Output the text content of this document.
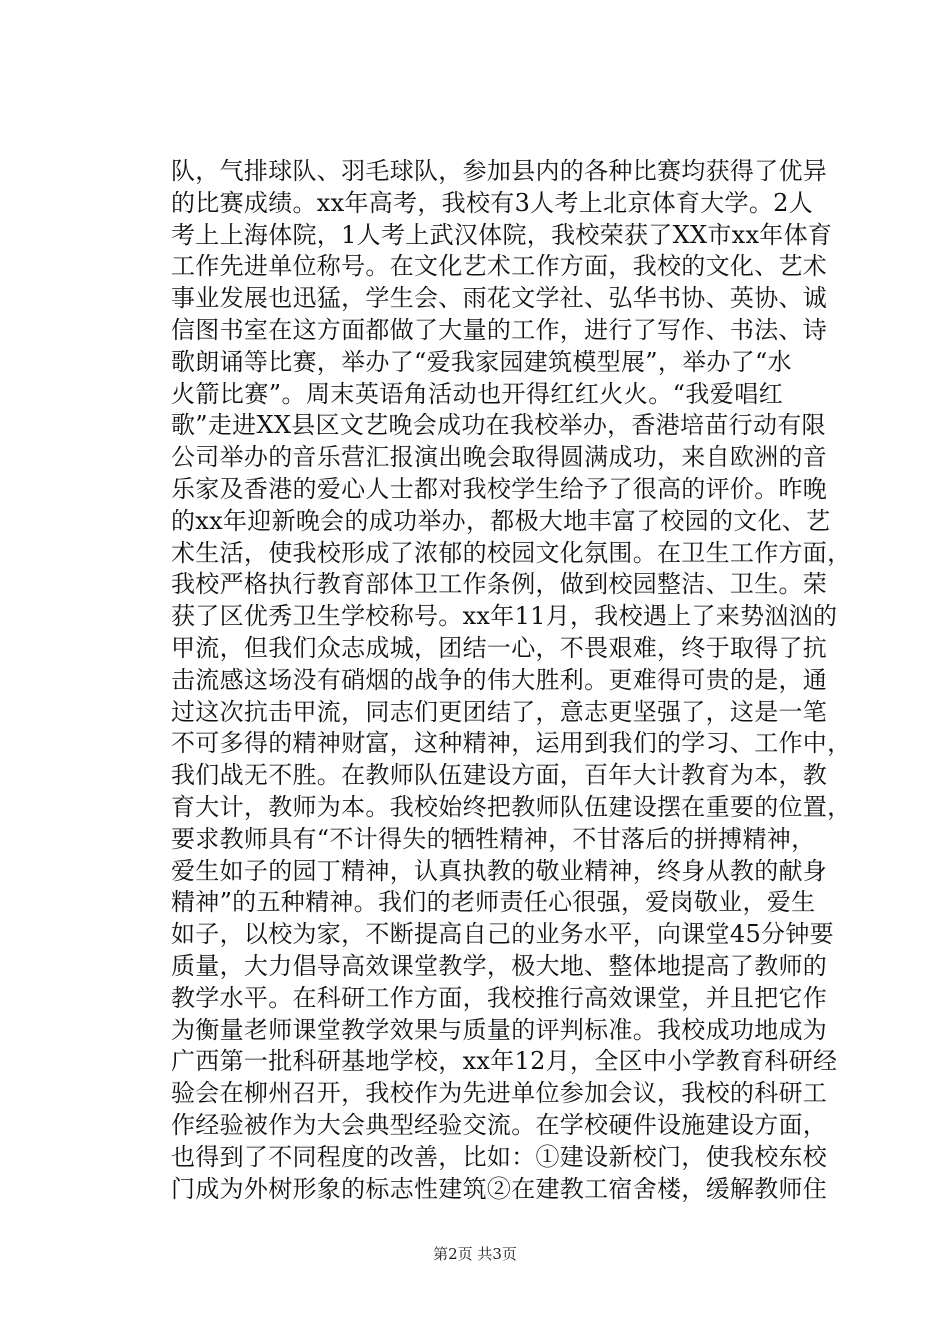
队，气排球队、羽毛球队，参加县内的各种比赛均获得了优异
的比赛成绩。xx年高考，我校有3人考上北京体育大学。2人
考上上海体院，1人考上武汉体院，我校荣获了XX市xx年体育
工作先进单位称号。在文化艺术工作方面，我校的文化、艺术
事业发展也迅猛，学生会、雨花文学社、弘华书协、英协、诚
信图书室在这方面都做了大量的工作，进行了写作、书法、诗
歌朗诵等比赛，举办了“爱我家园建筑模型展”，举办了“水
火箭比赛”。周末英语角活动也开得红红火火。“我爱唱红
歌”走进XX县区文艺晚会成功在我校举办，香港培苗行动有限
公司举办的音乐营汇报演出晚会取得圆满成功，来自欧洲的音
乐家及香港的爱心人士都对我校学生给予了很高的评价。昨晚
的xx年迎新晚会的成功举办，都极大地丰富了校园的文化、艺
术生活，使我校形成了浓郁的校园文化氛围。在卫生工作方面，
我校严格执行教育部体卫工作条例，做到校园整洁、卫生。荣
获了区优秀卫生学校称号。xx年11月，我校遇上了来势汹汹的
甲流，但我们众志成城，团结一心，不畏艰难，终于取得了抗
击流感这场没有硝烟的战争的伟大胜利。更难得可贵的是，通
过这次抗击甲流，同志们更团结了，意志更坚强了，这是一笔
不可多得的精神财富，这种精神，运用到我们的学习、工作中，
我们战无不胜。在教师队伍建设方面，百年大计教育为本，教
育大计，教师为本。我校始终把教师队伍建设摆在重要的位置，
要求教师具有“不计得失的牺牲精神，不甘落后的拼搏精神，
爱生如子的园丁精神，认真执教的敬业精神，终身从教的献身
精神”的五种精神。我们的老师责任心很强，爱岗敬业，爱生
如子，以校为家，不断提高自己的业务水平，向课堂45分钟要
质量，大力倡导高效课堂教学，极大地、整体地提高了教师的
教学水平。在科研工作方面，我校推行高效课堂，并且把它作
为衡量老师课堂教学效果与质量的评判标准。我校成功地成为
广西第一批科研基地学校，xx年12月，全区中小学教育科研经
验会在柳州召开，我校作为先进单位参加会议，我校的科研工
作经验被作为大会典型经验交流。在学校硬件设施建设方面，
也得到了不同程度的改善，比如：①建设新校门，使我校东校
门成为外树形象的标志性建筑②在建教工宿舍楼，缓解教师住
第2页 共3页
